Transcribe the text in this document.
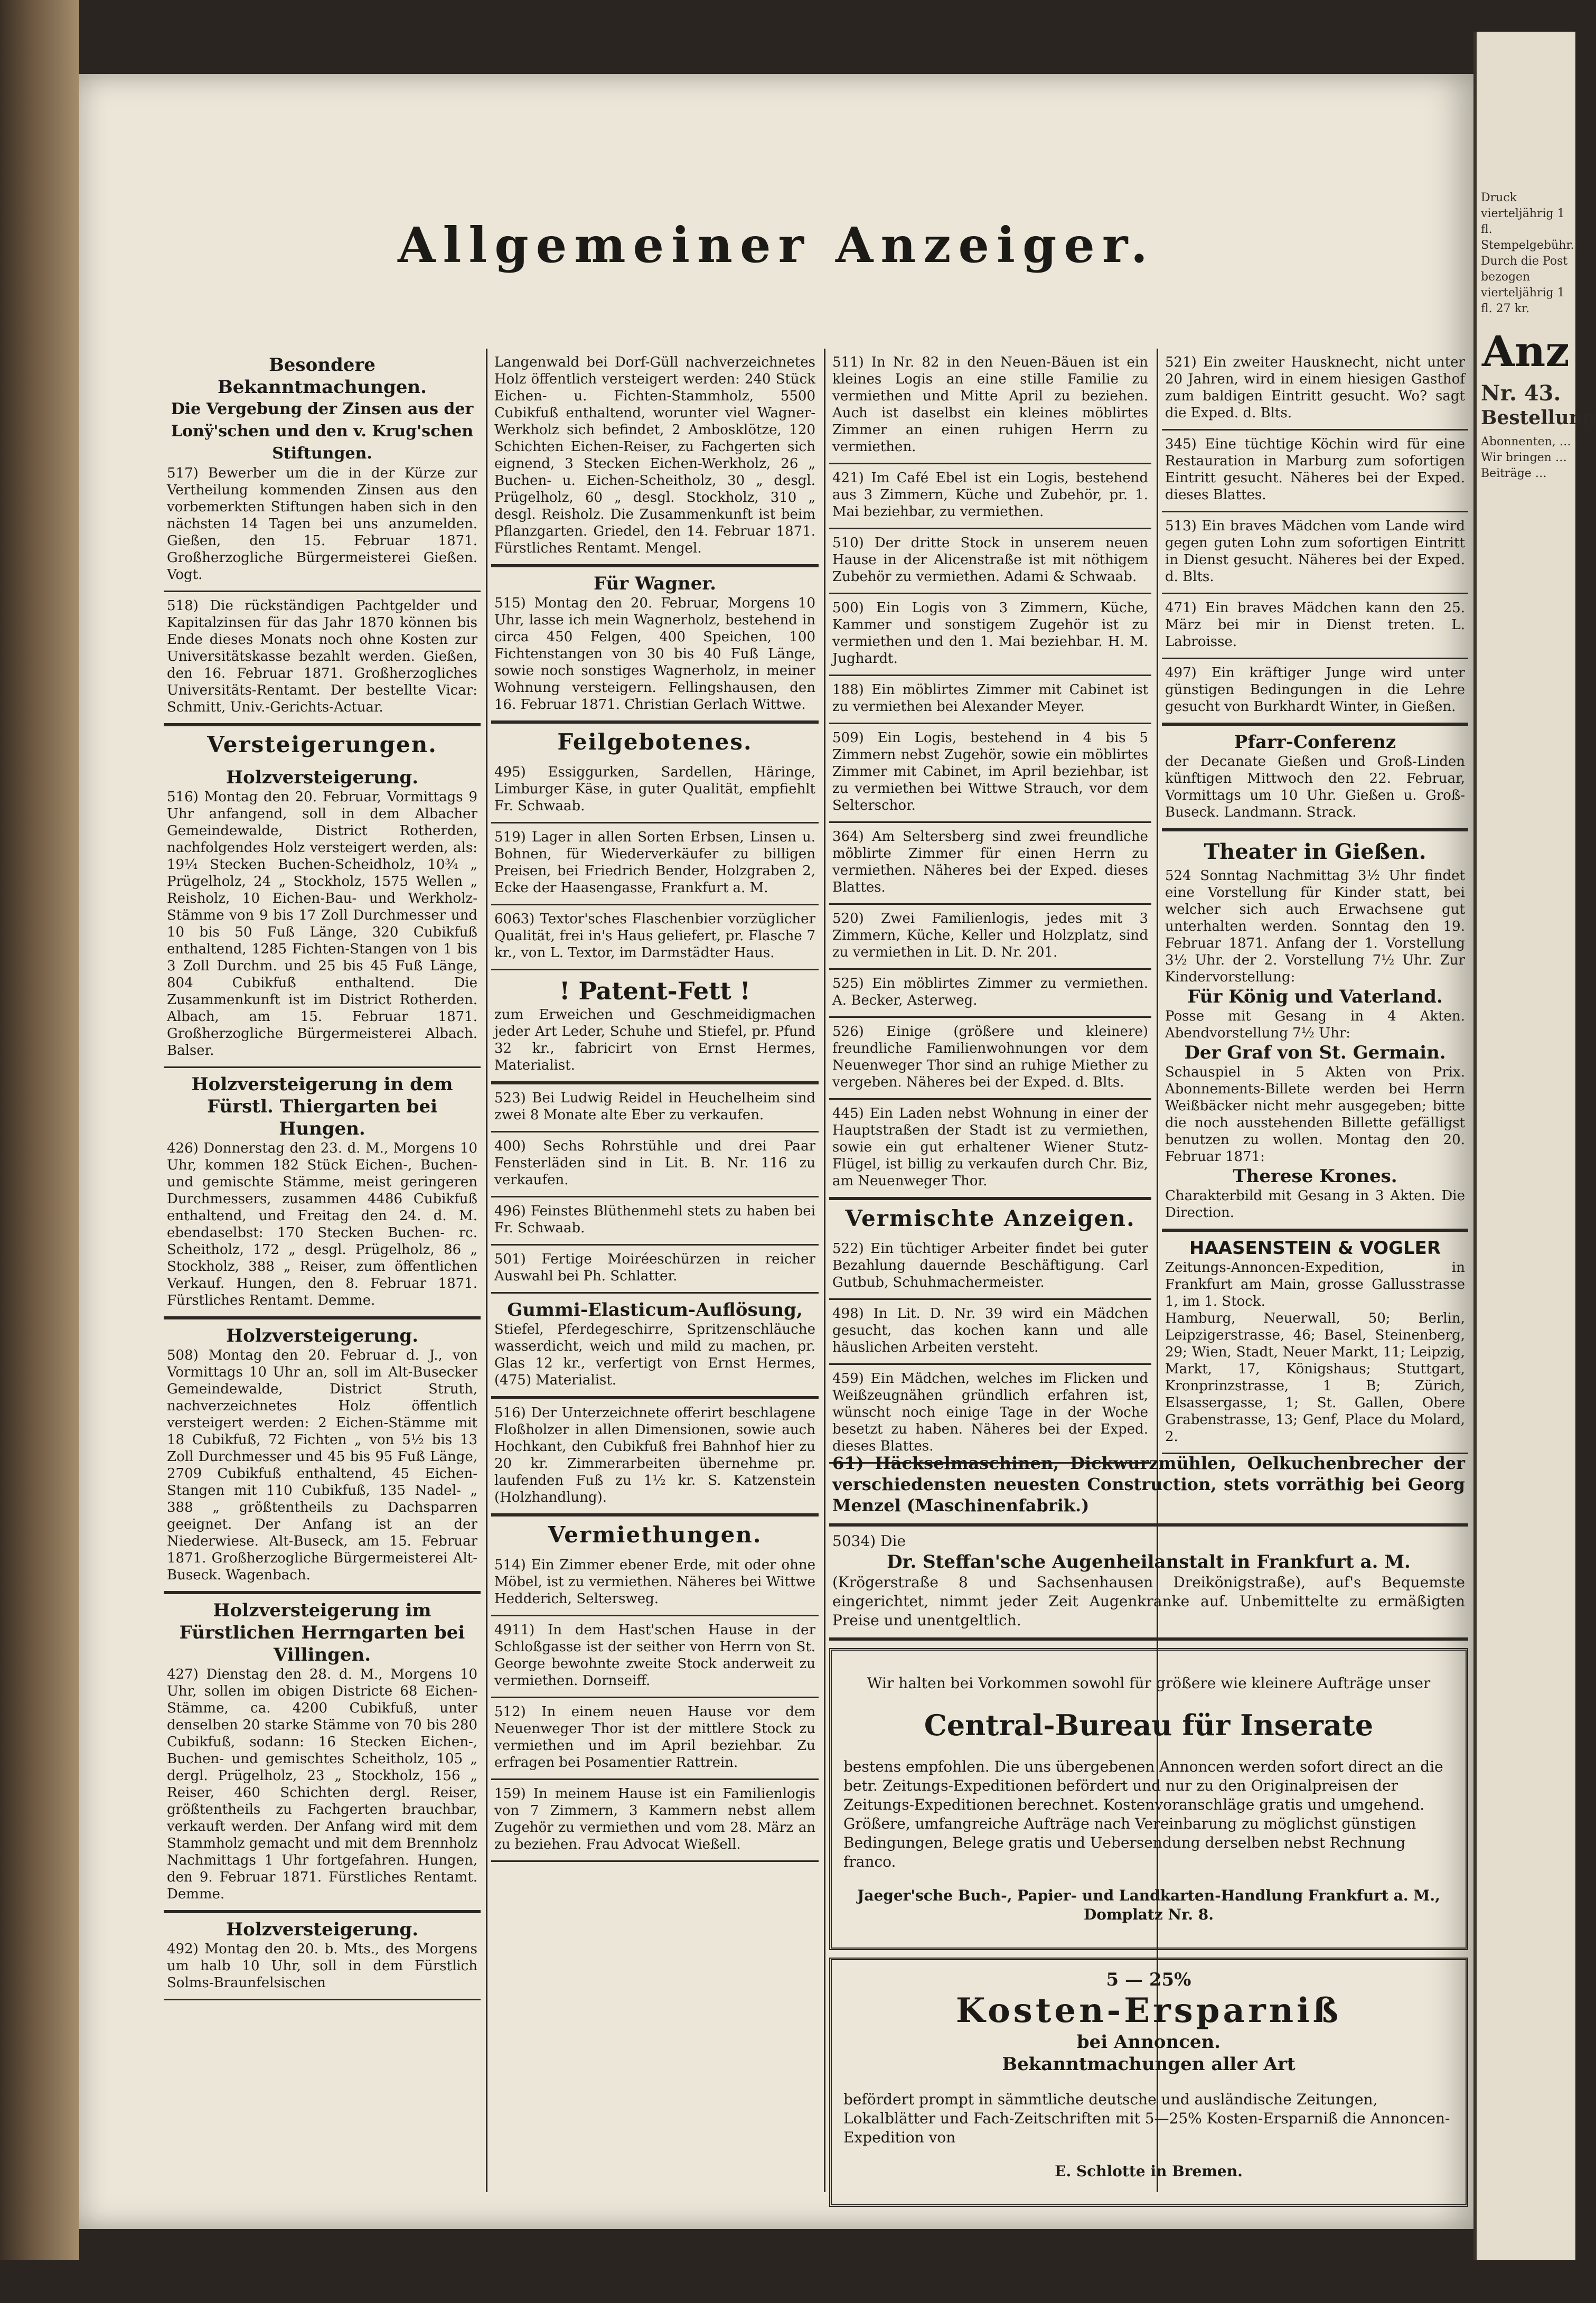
Allgemeiner Anzeiger.
Besondere Bekanntmachungen.
Die Vergebung der Zinsen aus der Lonÿ'schen und den v. Krug'schen Stiftungen.

517) Bewerber um die in der Kürze zur Vertheilung kommenden Zinsen aus den vorbemerkten Stiftungen haben sich in den nächsten 14 Tagen bei uns anzumelden. Gießen, den 15. Februar 1871. Großherzogliche Bürgermeisterei Gießen. Vogt.

518) Die rückständigen Pachtgelder und Kapitalzinsen für das Jahr 1870 können bis Ende dieses Monats noch ohne Kosten zur Universitätskasse bezahlt werden. Gießen, den 16. Februar 1871. Großherzogliches Universitäts-Rentamt. Der bestellte Vicar: Schmitt, Univ.-Gerichts-Actuar.

Versteigerungen.
Holzversteigerung.

516) Montag den 20. Februar, Vormittags 9 Uhr anfangend, soll in dem Albacher Gemeindewalde, District Rotherden, nachfolgendes Holz versteigert werden, als: 19¼ Stecken Buchen-Scheidholz, 10¾ „ Prügelholz, 24 „ Stockholz, 1575 Wellen „ Reisholz, 10 Eichen-Bau- und Werkholz-Stämme von 9 bis 17 Zoll Durchmesser und 10 bis 50 Fuß Länge, 320 Cubikfuß enthaltend, 1285 Fichten-Stangen von 1 bis 3 Zoll Durchm. und 25 bis 45 Fuß Länge, 804 Cubikfuß enthaltend. Die Zusammenkunft ist im District Rotherden. Albach, am 15. Februar 1871. Großherzogliche Bürgermeisterei Albach. Balser.

Holzversteigerung in dem Fürstl. Thiergarten bei Hungen.

426) Donnerstag den 23. d. M., Morgens 10 Uhr, kommen 182 Stück Eichen-, Buchen- und gemischte Stämme, meist geringeren Durchmessers, zusammen 4486 Cubikfuß enthaltend, und Freitag den 24. d. M. ebendaselbst: 170 Stecken Buchen- rc. Scheitholz, 172 „ desgl. Prügelholz, 86 „ Stockholz, 388 „ Reiser, zum öffentlichen Verkauf. Hungen, den 8. Februar 1871. Fürstliches Rentamt. Demme.

Holzversteigerung.

508) Montag den 20. Februar d. J., von Vormittags 10 Uhr an, soll im Alt-Busecker Gemeindewalde, District Struth, nachverzeichnetes Holz öffentlich versteigert werden: 2 Eichen-Stämme mit 18 Cubikfuß, 72 Fichten „ von 5½ bis 13 Zoll Durchmesser und 45 bis 95 Fuß Länge, 2709 Cubikfuß enthaltend, 45 Eichen-Stangen mit 110 Cubikfuß, 135 Nadel- „ 388 „ größtentheils zu Dachsparren geeignet. Der Anfang ist an der Niederwiese. Alt-Buseck, am 15. Februar 1871. Großherzogliche Bürgermeisterei Alt-Buseck. Wagenbach.

Holzversteigerung im Fürstlichen Herrngarten bei Villingen.

427) Dienstag den 28. d. M., Morgens 10 Uhr, sollen im obigen Districte 68 Eichen-Stämme, ca. 4200 Cubikfuß, unter denselben 20 starke Stämme von 70 bis 280 Cubikfuß, sodann: 16 Stecken Eichen-, Buchen- und gemischtes Scheitholz, 105 „ dergl. Prügelholz, 23 „ Stockholz, 156 „ Reiser, 460 Schichten dergl. Reiser, größtentheils zu Fachgerten brauchbar, verkauft werden. Der Anfang wird mit dem Stammholz gemacht und mit dem Brennholz Nachmittags 1 Uhr fortgefahren. Hungen, den 9. Februar 1871. Fürstliches Rentamt. Demme.

Holzversteigerung.

492) Montag den 20. b. Mts., des Morgens um halb 10 Uhr, soll in dem Fürstlich Solms-Braunfelsischen

Langenwald bei Dorf-Güll nachverzeichnetes Holz öffentlich versteigert werden: 240 Stück Eichen- u. Fichten-Stammholz, 5500 Cubikfuß enthaltend, worunter viel Wagner-Werkholz sich befindet, 2 Ambosklötze, 120 Schichten Eichen-Reiser, zu Fachgerten sich eignend, 3 Stecken Eichen-Werkholz, 26 „ Buchen- u. Eichen-Scheitholz, 30 „ desgl. Prügelholz, 60 „ desgl. Stockholz, 310 „ desgl. Reisholz. Die Zusammenkunft ist beim Pflanzgarten. Griedel, den 14. Februar 1871. Fürstliches Rentamt. Mengel.

Für Wagner.

515) Montag den 20. Februar, Morgens 10 Uhr, lasse ich mein Wagnerholz, bestehend in circa 450 Felgen, 400 Speichen, 100 Fichtenstangen von 30 bis 40 Fuß Länge, sowie noch sonstiges Wagnerholz, in meiner Wohnung versteigern. Fellingshausen, den 16. Februar 1871. Christian Gerlach Wittwe.

Feilgebotenes.

495) Essiggurken, Sardellen, Häringe, Limburger Käse, in guter Qualität, empfiehlt Fr. Schwaab.

519) Lager in allen Sorten Erbsen, Linsen u. Bohnen, für Wiederverkäufer zu billigen Preisen, bei Friedrich Bender, Holzgraben 2, Ecke der Haasengasse, Frankfurt a. M.

6063) Textor'sches Flaschenbier vorzüglicher Qualität, frei in's Haus geliefert, pr. Flasche 7 kr., von L. Textor, im Darmstädter Haus.

! Patent-Fett !

zum Erweichen und Geschmeidigmachen jeder Art Leder, Schuhe und Stiefel, pr. Pfund 32 kr., fabricirt von Ernst Hermes, Materialist.

523) Bei Ludwig Reidel in Heuchelheim sind zwei 8 Monate alte Eber zu verkaufen.

400) Sechs Rohrstühle und drei Paar Fensterläden sind in Lit. B. Nr. 116 zu verkaufen.

496) Feinstes Blüthenmehl stets zu haben bei Fr. Schwaab.

501) Fertige Moiréeschürzen in reicher Auswahl bei Ph. Schlatter.

Gummi-Elasticum-Auflösung,

Stiefel, Pferdegeschirre, Spritzenschläuche wasserdicht, weich und mild zu machen, pr. Glas 12 kr., verfertigt von Ernst Hermes, (475) Materialist.

516) Der Unterzeichnete offerirt beschlagene Floßholzer in allen Dimensionen, sowie auch Hochkant, den Cubikfuß frei Bahnhof hier zu 20 kr. Zimmerarbeiten übernehme pr. laufenden Fuß zu 1½ kr. S. Katzenstein (Holzhandlung).

Vermiethungen.

514) Ein Zimmer ebener Erde, mit oder ohne Möbel, ist zu vermiethen. Näheres bei Wittwe Hedderich, Seltersweg.

4911) In dem Hast'schen Hause in der Schloßgasse ist der seither von Herrn von St. George bewohnte zweite Stock anderweit zu vermiethen. Dornseiff.

512) In einem neuen Hause vor dem Neuenweger Thor ist der mittlere Stock zu vermiethen und im April beziehbar. Zu erfragen bei Posamentier Rattrein.

159) In meinem Hause ist ein Familienlogis von 7 Zimmern, 3 Kammern nebst allem Zugehör zu vermiethen und vom 28. März an zu beziehen. Frau Advocat Wießell.

511) In Nr. 82 in den Neuen-Bäuen ist ein kleines Logis an eine stille Familie zu vermiethen und Mitte April zu beziehen. Auch ist daselbst ein kleines möblirtes Zimmer an einen ruhigen Herrn zu vermiethen.

421) Im Café Ebel ist ein Logis, bestehend aus 3 Zimmern, Küche und Zubehör, pr. 1. Mai beziehbar, zu vermiethen.

510) Der dritte Stock in unserem neuen Hause in der Alicenstraße ist mit nöthigem Zubehör zu vermiethen. Adami & Schwaab.

500) Ein Logis von 3 Zimmern, Küche, Kammer und sonstigem Zugehör ist zu vermiethen und den 1. Mai beziehbar. H. M. Jughardt.

188) Ein möblirtes Zimmer mit Cabinet ist zu vermiethen bei Alexander Meyer.

509) Ein Logis, bestehend in 4 bis 5 Zimmern nebst Zugehör, sowie ein möblirtes Zimmer mit Cabinet, im April beziehbar, ist zu vermiethen bei Wittwe Strauch, vor dem Selterschor.

364) Am Seltersberg sind zwei freundliche möblirte Zimmer für einen Herrn zu vermiethen. Näheres bei der Exped. dieses Blattes.

520) Zwei Familienlogis, jedes mit 3 Zimmern, Küche, Keller und Holzplatz, sind zu vermiethen in Lit. D. Nr. 201.

525) Ein möblirtes Zimmer zu vermiethen. A. Becker, Asterweg.

526) Einige (größere und kleinere) freundliche Familienwohnungen vor dem Neuenweger Thor sind an ruhige Miether zu vergeben. Näheres bei der Exped. d. Blts.

445) Ein Laden nebst Wohnung in einer der Hauptstraßen der Stadt ist zu vermiethen, sowie ein gut erhaltener Wiener Stutz-Flügel, ist billig zu verkaufen durch Chr. Biz, am Neuenweger Thor.

Vermischte Anzeigen.

522) Ein tüchtiger Arbeiter findet bei guter Bezahlung dauernde Beschäftigung. Carl Gutbub, Schuhmachermeister.

498) In Lit. D. Nr. 39 wird ein Mädchen gesucht, das kochen kann und alle häuslichen Arbeiten versteht.

459) Ein Mädchen, welches im Flicken und Weißzeugnähen gründlich erfahren ist, wünscht noch einige Tage in der Woche besetzt zu haben. Näheres bei der Exped. dieses Blattes.

521) Ein zweiter Hausknecht, nicht unter 20 Jahren, wird in einem hiesigen Gasthof zum baldigen Eintritt gesucht. Wo? sagt die Exped. d. Blts.

345) Eine tüchtige Köchin wird für eine Restauration in Marburg zum sofortigen Eintritt gesucht. Näheres bei der Exped. dieses Blattes.

513) Ein braves Mädchen vom Lande wird gegen guten Lohn zum sofortigen Eintritt in Dienst gesucht. Näheres bei der Exped. d. Blts.

471) Ein braves Mädchen kann den 25. März bei mir in Dienst treten. L. Labroisse.

497) Ein kräftiger Junge wird unter günstigen Bedingungen in die Lehre gesucht von Burkhardt Winter, in Gießen.

Pfarr-Conferenz

der Decanate Gießen und Groß-Linden künftigen Mittwoch den 22. Februar, Vormittags um 10 Uhr. Gießen u. Groß-Buseck. Landmann. Strack.

Theater in Gießen.

524 Sonntag Nachmittag 3½ Uhr findet eine Vorstellung für Kinder statt, bei welcher sich auch Erwachsene gut unterhalten werden. Sonntag den 19. Februar 1871. Anfang der 1. Vorstellung 3½ Uhr. der 2. Vorstellung 7½ Uhr. Zur Kindervorstellung:

Für König und Vaterland.

Posse mit Gesang in 4 Akten. Abendvorstellung 7½ Uhr:

Der Graf von St. Germain.

Schauspiel in 5 Akten von Prix. Abonnements-Billete werden bei Herrn Weißbäcker nicht mehr ausgegeben; bitte die noch ausstehenden Billette gefälligst benutzen zu wollen. Montag den 20. Februar 1871:

Therese Krones.

Charakterbild mit Gesang in 3 Akten. Die Direction.

HAASENSTEIN & VOGLER

Zeitungs-Annoncen-Expedition, in Frankfurt am Main, grosse Gallusstrasse 1, im 1. Stock.

Hamburg, Neuerwall, 50; Berlin, Leipzigerstrasse, 46; Basel, Steinenberg, 29; Wien, Stadt, Neuer Markt, 11; Leipzig, Markt, 17, Königshaus; Stuttgart, Kronprinzstrasse, 1 B; Zürich, Elsassergasse, 1; St. Gallen, Obere Grabenstrasse, 13; Genf, Place du Molard, 2.

61) Häckselmaschinen, Dickwurzmühlen, Oelkuchenbrecher der verschiedensten neuesten Construction, stets vorräthig bei Georg Menzel (Maschinenfabrik.)

5034) Die

Dr. Steffan'sche Augenheilanstalt in Frankfurt a. M.

(Krögerstraße 8 und Sachsenhausen Dreikönigstraße), auf's Bequemste eingerichtet, nimmt jeder Zeit Augenkranke auf. Unbemittelte zu ermäßigten Preise und unentgeltlich.

Wir halten bei Vorkommen sowohl für größere wie kleinere Aufträge unser

Central-Bureau für Inserate

bestens empfohlen. Die uns übergebenen Annoncen werden sofort direct an die betr. Zeitungs-Expeditionen befördert und nur zu den Originalpreisen der Zeitungs-Expeditionen berechnet. Kostenvoranschläge gratis und umgehend. Größere, umfangreiche Aufträge nach Vereinbarung zu möglichst günstigen Bedingungen, Belege gratis und Uebersendung derselben nebst Rechnung franco.

Jaeger'sche Buch-, Papier- und Landkarten-Handlung Frankfurt a. M., Domplatz Nr. 8.

5 — 25%
Kosten-Ersparniß
bei Annoncen.
Bekanntmachungen aller Art

befördert prompt in sämmtliche deutsche und ausländische Zeitungen, Lokalblätter und Fach-Zeitschriften mit 5—25% Kosten-Ersparniß die Annoncen-Expedition von

E. Schlotte in Bremen.

Druck vierteljährig 1 fl. Stempelgebühr. Durch die Post bezogen vierteljährig 1 fl. 27 kr.
Anz
Nr. 43.
Bestellung
Abonnenten, … Wir bringen … Beiträge …
